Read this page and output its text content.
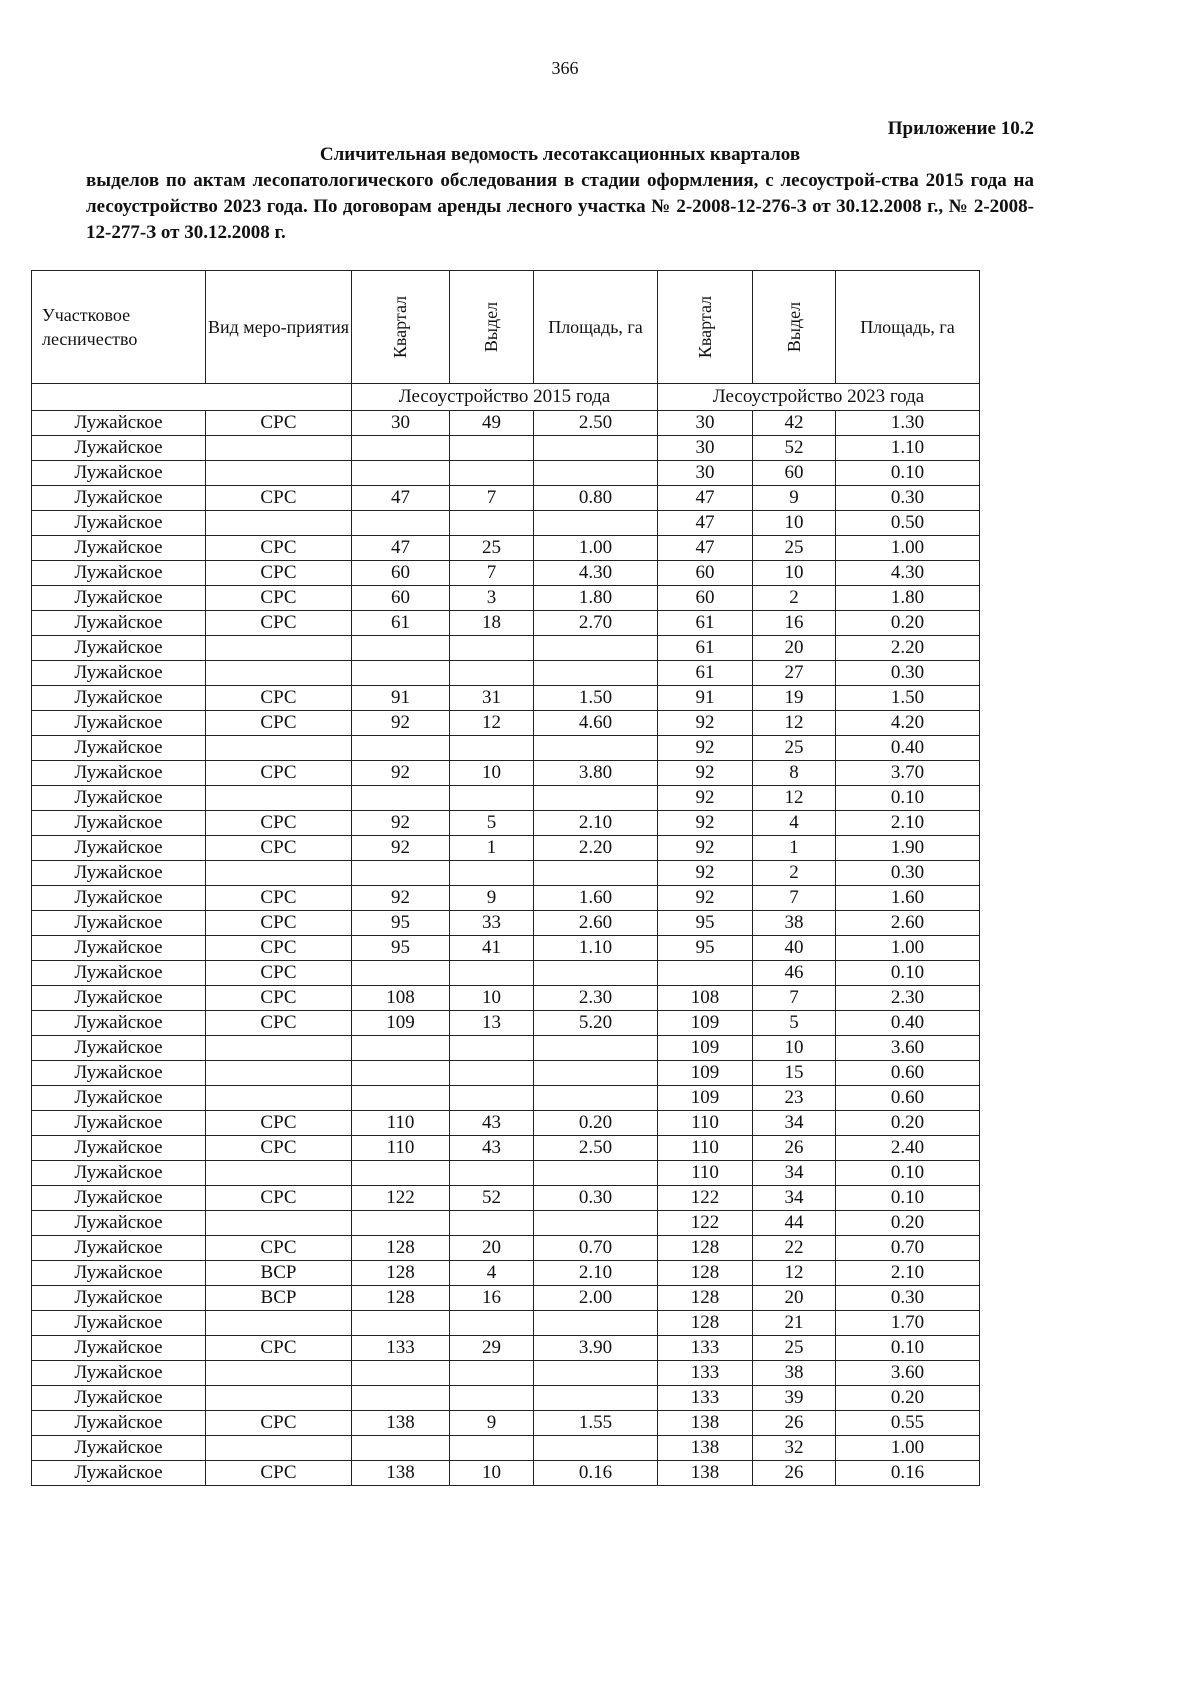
366
Приложение 10.2
Сличительная ведомость лесотаксационных кварталов
выделов по актам лесопатологического обследования в стадии оформления, с лесоустрой-ства 2015 года на лесоустройство 2023 года. По договорам аренды лесного участка № 2-2008-12-276-З от 30.12.2008 г., № 2-2008-12-277-З от 30.12.2008 г.
Участковое лесничество	Вид меро-приятия	Квартал	Выдел	Площадь, га	Квартал	Выдел	Площадь, га
		Лесоустройство 2015 года			Лесоустройство 2023 года		
Лужайское	СРС	30	49	2.50	30	42	1.30
Лужайское					30	52	1.10
Лужайское					30	60	0.10
Лужайское	СРС	47	7	0.80	47	9	0.30
Лужайское					47	10	0.50
Лужайское	СРС	47	25	1.00	47	25	1.00
Лужайское	СРС	60	7	4.30	60	10	4.30
Лужайское	СРС	60	3	1.80	60	2	1.80
Лужайское	СРС	61	18	2.70	61	16	0.20
Лужайское					61	20	2.20
Лужайское					61	27	0.30
Лужайское	СРС	91	31	1.50	91	19	1.50
Лужайское	СРС	92	12	4.60	92	12	4.20
Лужайское					92	25	0.40
Лужайское	СРС	92	10	3.80	92	8	3.70
Лужайское					92	12	0.10
Лужайское	СРС	92	5	2.10	92	4	2.10
Лужайское	СРС	92	1	2.20	92	1	1.90
Лужайское					92	2	0.30
Лужайское	СРС	92	9	1.60	92	7	1.60
Лужайское	СРС	95	33	2.60	95	38	2.60
Лужайское	СРС	95	41	1.10	95	40	1.00
Лужайское	СРС					46	0.10
Лужайское	СРС	108	10	2.30	108	7	2.30
Лужайское	СРС	109	13	5.20	109	5	0.40
Лужайское					109	10	3.60
Лужайское					109	15	0.60
Лужайское					109	23	0.60
Лужайское	СРС	110	43	0.20	110	34	0.20
Лужайское	СРС	110	43	2.50	110	26	2.40
Лужайское					110	34	0.10
Лужайское	СРС	122	52	0.30	122	34	0.10
Лужайское					122	44	0.20
Лужайское	СРС	128	20	0.70	128	22	0.70
Лужайское	ВСР	128	4	2.10	128	12	2.10
Лужайское	ВСР	128	16	2.00	128	20	0.30
Лужайское					128	21	1.70
Лужайское	СРС	133	29	3.90	133	25	0.10
Лужайское					133	38	3.60
Лужайское					133	39	0.20
Лужайское	СРС	138	9	1.55	138	26	0.55
Лужайское					138	32	1.00
Лужайское	СРС	138	10	0.16	138	26	0.16
